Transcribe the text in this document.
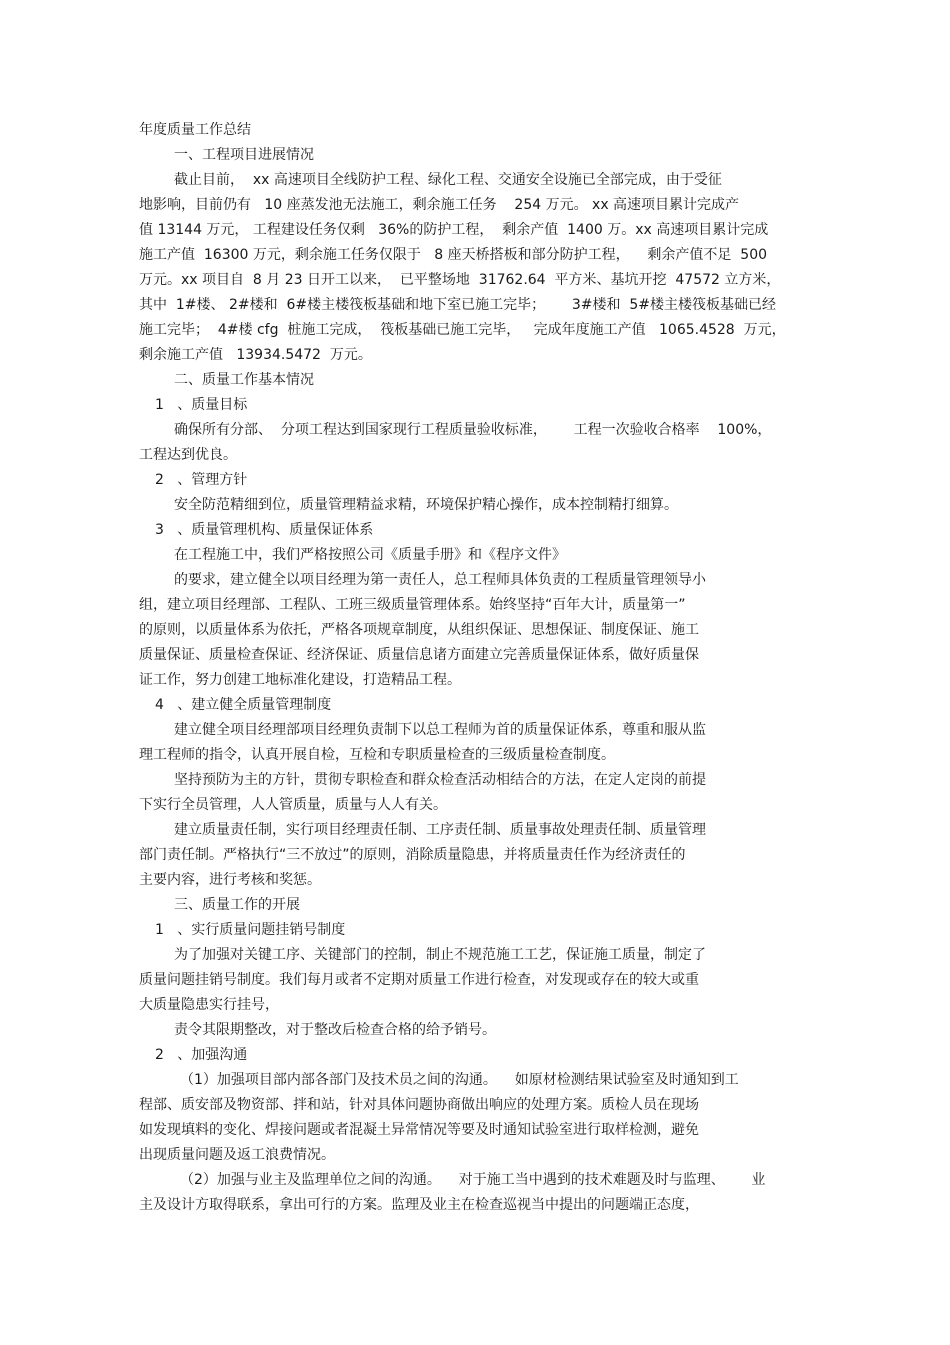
年度质量工作总结
一、工程项目进展情况
截止目前，  xx 高速项目全线防护工程、绿化工程、交通安全设施已全部完成，由于受征
地影响，目前仍有   10 座蒸发池无法施工，剩余施工任务    254 万元。 xx 高速项目累计完成产
值 13144 万元， 工程建设任务仅剩   36%的防护工程，  剩余产值  1400 万。xx 高速项目累计完成
施工产值  16300 万元，剩余施工任务仅限于   8 座天桥搭板和部分防护工程，    剩余产值不足  500
万元。xx 项目自  8 月 23 日开工以来，  已平整场地  31762.64  平方米、基坑开挖  47572 立方米，
其中  1#楼、 2#楼和  6#楼主楼筏板基础和地下室已施工完毕；      3#楼和  5#楼主楼筏板基础已经
施工完毕；  4#楼 cfg  桩施工完成，  筏板基础已施工完毕，   完成年度施工产值   1065.4528  万元，
剩余施工产值   13934.5472  万元。
二、质量工作基本情况
1   、质量目标
确保所有分部、  分项工程达到国家现行工程质量验收标准，      工程一次验收合格率    100%，
工程达到优良。
2   、管理方针
安全防范精细到位，质量管理精益求精，环境保护精心操作，成本控制精打细算。
3   、质量管理机构、质量保证体系
在工程施工中，我们严格按照公司《质量手册》和《程序文件》
的要求，建立健全以项目经理为第一责任人，总工程师具体负责的工程质量管理领导小
组，建立项目经理部、工程队、工班三级质量管理体系。始终坚持“百年大计，质量第一”
的原则，以质量体系为依托，严格各项规章制度，从组织保证、思想保证、制度保证、施工
质量保证、质量检查保证、经济保证、质量信息诸方面建立完善质量保证体系，做好质量保
证工作，努力创建工地标准化建设，打造精品工程。
4   、建立健全质量管理制度
建立健全项目经理部项目经理负责制下以总工程师为首的质量保证体系，尊重和服从监
理工程师的指令，认真开展自检，互检和专职质量检查的三级质量检查制度。
坚持预防为主的方针，贯彻专职检查和群众检查活动相结合的方法，在定人定岗的前提
下实行全员管理，人人管质量，质量与人人有关。
建立质量责任制，实行项目经理责任制、工序责任制、质量事故处理责任制、质量管理
部门责任制。严格执行“三不放过”的原则，消除质量隐患，并将质量责任作为经济责任的
主要内容，进行考核和奖惩。
三、质量工作的开展
1   、实行质量问题挂销号制度
为了加强对关键工序、关键部门的控制，制止不规范施工工艺，保证施工质量，制定了
质量问题挂销号制度。我们每月或者不定期对质量工作进行检查，对发现或存在的较大或重
大质量隐患实行挂号，
责令其限期整改，对于整改后检查合格的给予销号。
2   、加强沟通
（1）加强项目部内部各部门及技术员之间的沟通。    如原材检测结果试验室及时通知到工
程部、质安部及物资部、拌和站，针对具体问题协商做出响应的处理方案。质检人员在现场
如发现填料的变化、焊接问题或者混凝土异常情况等要及时通知试验室进行取样检测，避免
出现质量问题及返工浪费情况。
（2）加强与业主及监理单位之间的沟通。    对于施工当中遇到的技术难题及时与监理、      业
主及设计方取得联系，拿出可行的方案。监理及业主在检查巡视当中提出的问题端正态度，
